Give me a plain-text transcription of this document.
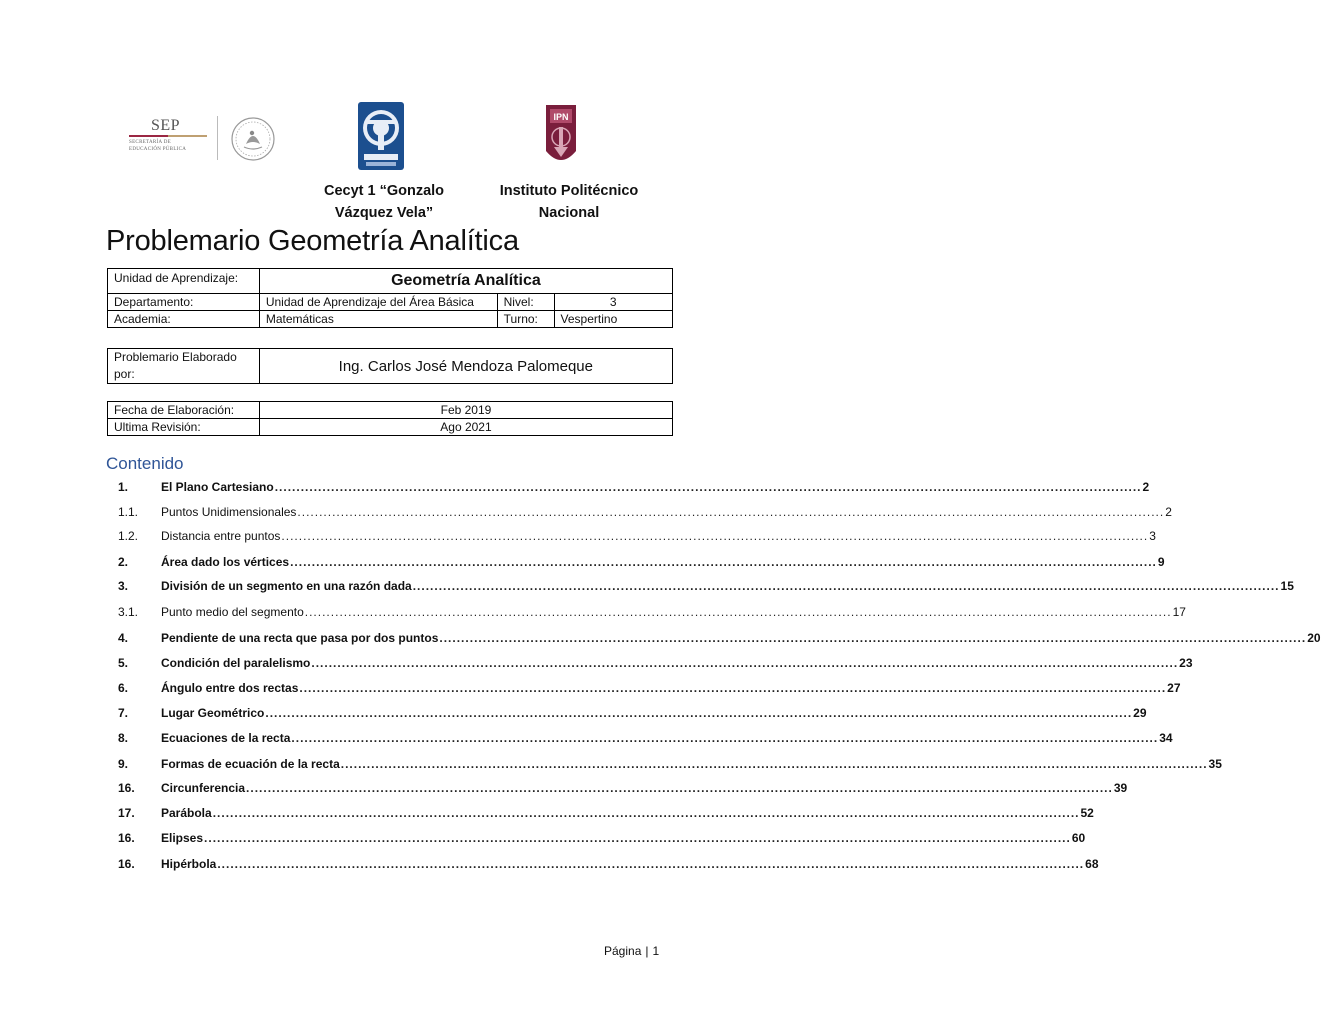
SEP
SECRETARÍA DE
EDUCACIÓN PÚBLICA
IPN
Cecyt 1 “Gonzalo
Vázquez Vela”
Instituto Politécnico
Nacional
Problemario Geometría Analítica
Unidad de Aprendizaje:	Geometría Analítica		
Departamento:	Unidad de Aprendizaje del Área Básica	Nivel:	3
Academia:	Matemáticas	Turno:	Vespertino
Problemario Elaborado por:	Ing. Carlos José Mendoza Palomeque
Fecha de Elaboración:	Feb 2019
Ultima Revisión:	Ago 2021
Contenido
1.	El Plano Cartesiano ........................................................................................................................................................................................................ 2
1.1.	Puntos Unidimensionales ........................................................................................................................................................................................................ 2
1.2.	Distancia entre puntos ........................................................................................................................................................................................................ 3
2.	Área dado los vértices ........................................................................................................................................................................................................ 9
3.	División de un segmento en una razón dada ........................................................................................................................................................................................................ 15
3.1.	Punto medio del segmento ........................................................................................................................................................................................................ 17
4.	Pendiente de una recta que pasa por dos puntos ........................................................................................................................................................................................................ 20
5.	Condición del paralelismo ........................................................................................................................................................................................................ 23
6.	Ángulo entre dos rectas ........................................................................................................................................................................................................ 27
7.	Lugar Geométrico ........................................................................................................................................................................................................ 29
8.	Ecuaciones de la recta ........................................................................................................................................................................................................ 34
9.	Formas de ecuación de la recta ........................................................................................................................................................................................................ 35
16.	Circunferencia ........................................................................................................................................................................................................ 39
17.	Parábola ........................................................................................................................................................................................................ 52
16.	Elipses ........................................................................................................................................................................................................ 60
16.	Hipérbola ........................................................................................................................................................................................................ 68
Página | 1
